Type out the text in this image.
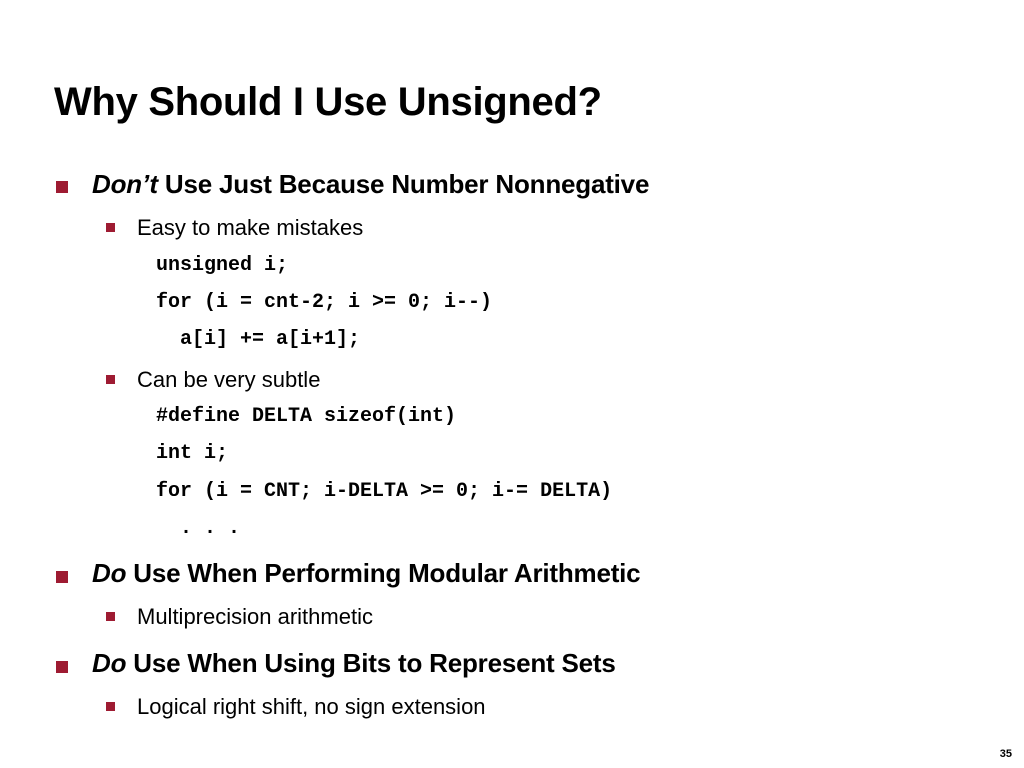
Why Should I Use Unsigned?
Don’t Use Just Because Number Nonnegative
Easy to make mistakes
unsigned i;
for (i = cnt-2; i >= 0; i--)
a[i] += a[i+1];
Can be very subtle
#define DELTA sizeof(int)
int i;
for (i = CNT; i-DELTA >= 0; i-= DELTA)
. . .
Do Use When Performing Modular Arithmetic
Multiprecision arithmetic
Do Use When Using Bits to Represent Sets
Logical right shift, no sign extension
35
